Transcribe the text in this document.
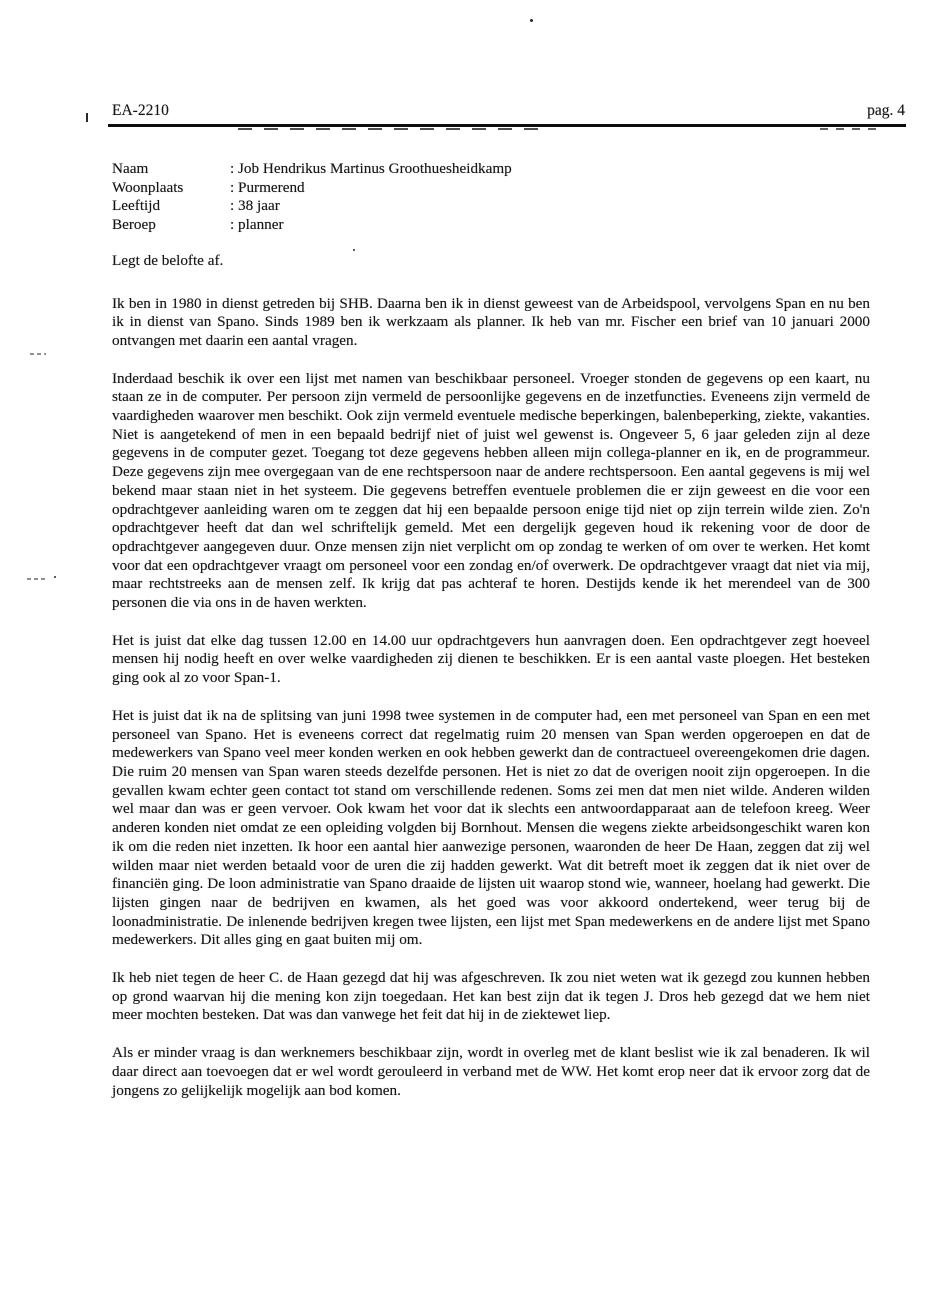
EA-2210	pag. 4
Naam	: Job Hendrikus Martinus Groothuesheidkamp
Woonplaats	: Purmerend
Leeftijd	: 38 jaar
Beroep	: planner

Legt de belofte af.

Ik ben in 1980 in dienst getreden bij SHB. Daarna ben ik in dienst geweest van de Arbeidspool, vervolgens Span en nu ben ik in dienst van Spano. Sinds 1989 ben ik werkzaam als planner. Ik heb van mr. Fischer een brief van 10 januari 2000 ontvangen met daarin een aantal vragen.

Inderdaad beschik ik over een lijst met namen van beschikbaar personeel. Vroeger stonden de gegevens op een kaart, nu staan ze in de computer. Per persoon zijn vermeld de persoonlijke gegevens en de inzetfuncties. Eveneens zijn vermeld de vaardigheden waarover men beschikt. Ook zijn vermeld eventuele medische beperkingen, balenbeperking, ziekte, vakanties. Niet is aangetekend of men in een bepaald bedrijf niet of juist wel gewenst is. Ongeveer 5, 6 jaar geleden zijn al deze gegevens in de computer gezet. Toegang tot deze gegevens hebben alleen mijn collega-planner en ik, en de programmeur. Deze gegevens zijn mee overgegaan van de ene rechtspersoon naar de andere rechtspersoon. Een aantal gegevens is mij wel bekend maar staan niet in het systeem. Die gegevens betreffen eventuele problemen die er zijn geweest en die voor een opdrachtgever aanleiding waren om te zeggen dat hij een bepaalde persoon enige tijd niet op zijn terrein wilde zien. Zo'n opdrachtgever heeft dat dan wel schriftelijk gemeld. Met een dergelijk gegeven houd ik rekening voor de door de opdrachtgever aangegeven duur. Onze mensen zijn niet verplicht om op zondag te werken of om over te werken. Het komt voor dat een opdrachtgever vraagt om personeel voor een zondag en/of overwerk. De opdrachtgever vraagt dat niet via mij, maar rechtstreeks aan de mensen zelf. Ik krijg dat pas achteraf te horen. Destijds kende ik het merendeel van de 300 personen die via ons in de haven werkten.

Het is juist dat elke dag tussen 12.00 en 14.00 uur opdrachtgevers hun aanvragen doen. Een opdrachtgever zegt hoeveel mensen hij nodig heeft en over welke vaardigheden zij dienen te beschikken. Er is een aantal vaste ploegen. Het besteken ging ook al zo voor Span-1.

Het is juist dat ik na de splitsing van juni 1998 twee systemen in de computer had, een met personeel van Span en een met personeel van Spano. Het is eveneens correct dat regelmatig ruim 20 mensen van Span werden opgeroepen en dat de medewerkers van Spano veel meer konden werken en ook hebben gewerkt dan de contractueel overeengekomen drie dagen. Die ruim 20 mensen van Span waren steeds dezelfde personen. Het is niet zo dat de overigen nooit zijn opgeroepen. In die gevallen kwam echter geen contact tot stand om verschillende redenen. Soms zei men dat men niet wilde. Anderen wilden wel maar dan was er geen vervoer. Ook kwam het voor dat ik slechts een antwoordapparaat aan de telefoon kreeg. Weer anderen konden niet omdat ze een opleiding volgden bij Bornhout. Mensen die wegens ziekte arbeidsongeschikt waren kon ik om die reden niet inzetten. Ik hoor een aantal hier aanwezige personen, waaronden de heer De Haan, zeggen dat zij wel wilden maar niet werden betaald voor de uren die zij hadden gewerkt. Wat dit betreft moet ik zeggen dat ik niet over de financiën ging. De loon administratie van Spano draaide de lijsten uit waarop stond wie, wanneer, hoelang had gewerkt. Die lijsten gingen naar de bedrijven en kwamen, als het goed was voor akkoord ondertekend, weer terug bij de loonadministratie. De inlenende bedrijven kregen twee lijsten, een lijst met Span medewerkens en de andere lijst met Spano medewerkers. Dit alles ging en gaat buiten mij om.

Ik heb niet tegen de heer C. de Haan gezegd dat hij was afgeschreven. Ik zou niet weten wat ik gezegd zou kunnen hebben op grond waarvan hij die mening kon zijn toegedaan. Het kan best zijn dat ik tegen J. Dros heb gezegd dat we hem niet meer mochten besteken. Dat was dan vanwege het feit dat hij in de ziektewet liep.

Als er minder vraag is dan werknemers beschikbaar zijn, wordt in overleg met de klant beslist wie ik zal benaderen. Ik wil daar direct aan toevoegen dat er wel wordt gerouleerd in verband met de WW. Het komt erop neer dat ik ervoor zorg dat de jongens zo gelijkelijk mogelijk aan bod komen.
